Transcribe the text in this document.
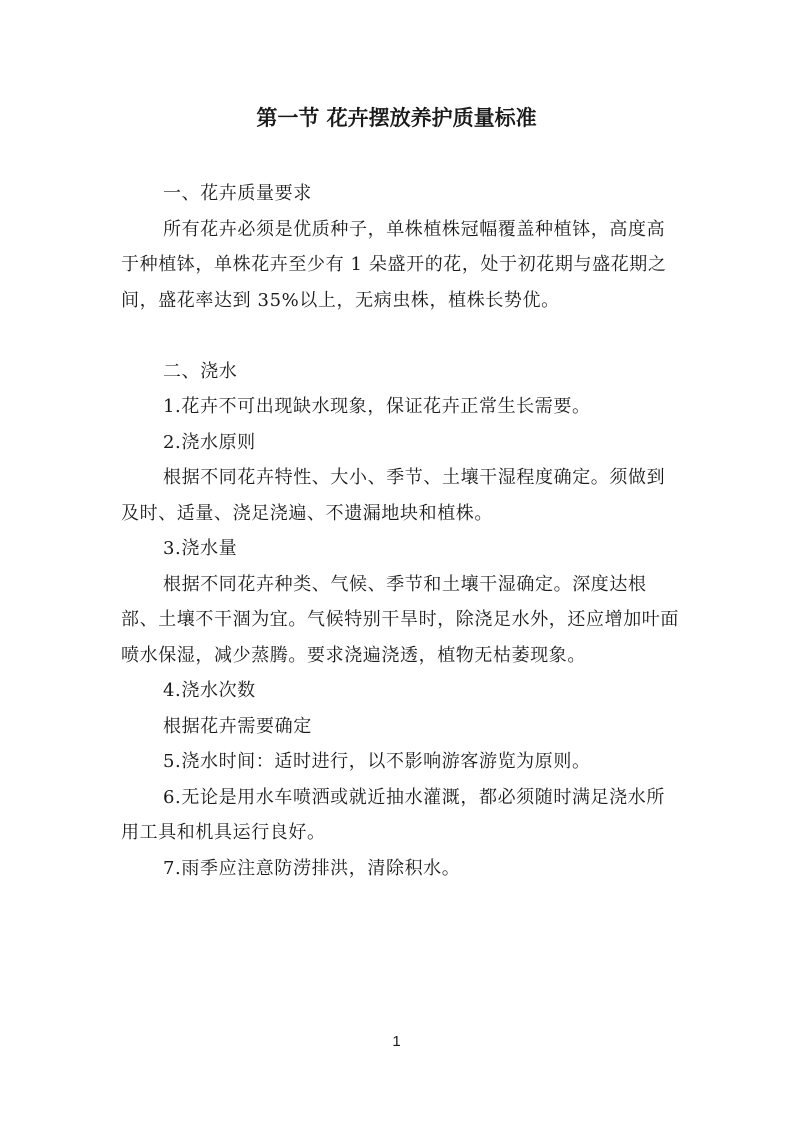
第一节 花卉摆放养护质量标准

一、花卉质量要求

所有花卉必须是优质种子，单株植株冠幅覆盖种植钵，高度高于种植钵，单株花卉至少有 1 朵盛开的花，处于初花期与盛花期之间，盛花率达到 35%以上，无病虫株，植株长势优。

二、浇水

1.花卉不可出现缺水现象，保证花卉正常生长需要。

2.浇水原则

根据不同花卉特性、大小、季节、土壤干湿程度确定。须做到及时、适量、浇足浇遍、不遗漏地块和植株。

3.浇水量

根据不同花卉种类、气候、季节和土壤干湿确定。深度达根部、土壤不干涸为宜。气候特别干旱时，除浇足水外，还应增加叶面喷水保湿，减少蒸腾。要求浇遍浇透，植物无枯萎现象。

4.浇水次数

根据花卉需要确定

5.浇水时间：适时进行，以不影响游客游览为原则。

6.无论是用水车喷洒或就近抽水灌溉，都必须随时满足浇水所用工具和机具运行良好。

7.雨季应注意防涝排洪，清除积水。

1
